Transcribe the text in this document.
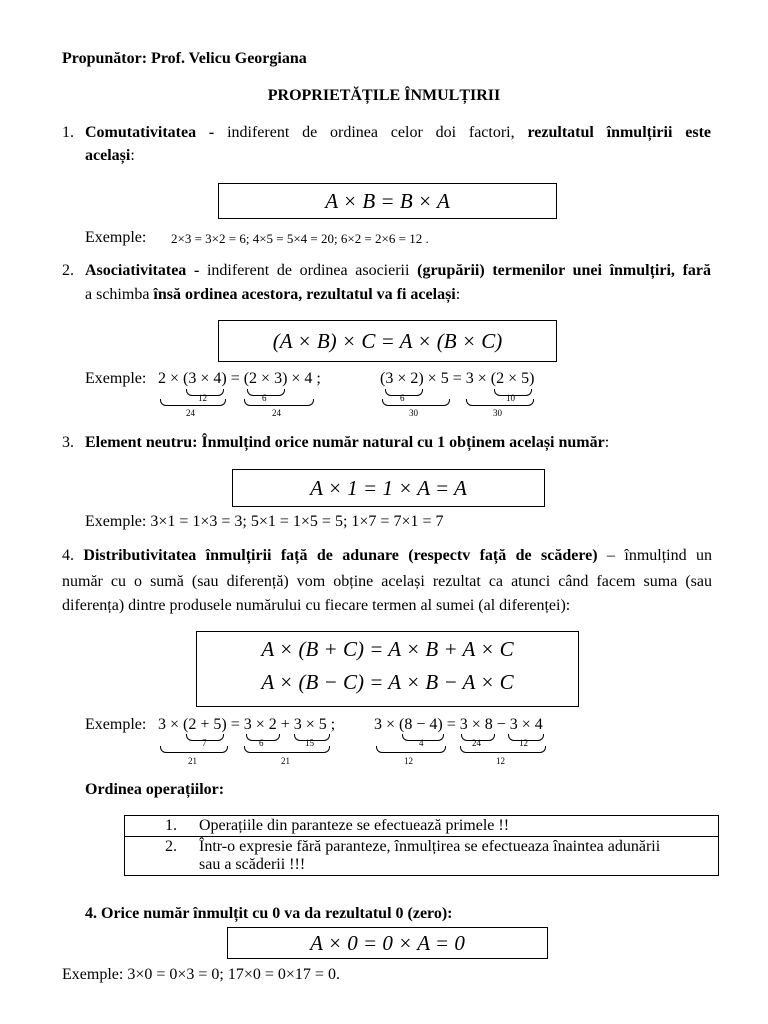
Propunător: Prof. Velicu Georgiana
PROPRIETĂȚILE ÎNMULȚIRII
1. Comutativitatea - indiferent de ordinea celor doi factori, rezultatul înmulțirii este
același:
A × B = B × A
Exemple: 2×3 = 3×2 = 6; 4×5 = 5×4 = 20; 6×2 = 2×6 = 12 .
2. Asociativitatea - indiferent de ordinea asocierii (grupării) termenilor unei înmulțiri, fară
a schimba însă ordinea acestora, rezultatul va fi același:
(A × B) × C = A × (B × C)
Exemple: 2 × (3 × 4) = (2 × 3) × 4 ;	(3 × 2) × 5 = 3 × (2 × 5)
12
24
6
24
6
30
10
30
3. Element neutru: Înmulțind orice număr natural cu 1 obținem același număr:
A × 1 = 1 × A = A
Exemple: 3×1 = 1×3 = 3; 5×1 = 1×5 = 5; 1×7 = 7×1 = 7
4. Distributivitatea înmulțirii față de adunare (respectv față de scădere) – înmulțind un
număr cu o sumă (sau diferență) vom obține același rezultat ca atunci când facem suma (sau
diferența) dintre produsele numărului cu fiecare termen al sumei (al diferenței):
A × (B + C) = A × B + A × C
A × (B − C) = A × B − A × C
Exemple: 3 × (2 + 5) = 3 × 2 + 3 × 5 ; 3 × (8 − 4) = 3 × 8 − 3 × 4
7
21
6	15
21
4
12
24	12
12
Ordinea operațiilor:
1. Operațiile din paranteze se efectuează primele !!
2. Într-o expresie fără paranteze, înmulțirea se efectueaza înaintea adunării
sau a scăderii !!!
4. Orice număr înmulțit cu 0 va da rezultatul 0 (zero):
A × 0 = 0 × A = 0
Exemple: 3×0 = 0×3 = 0; 17×0 = 0×17 = 0.
